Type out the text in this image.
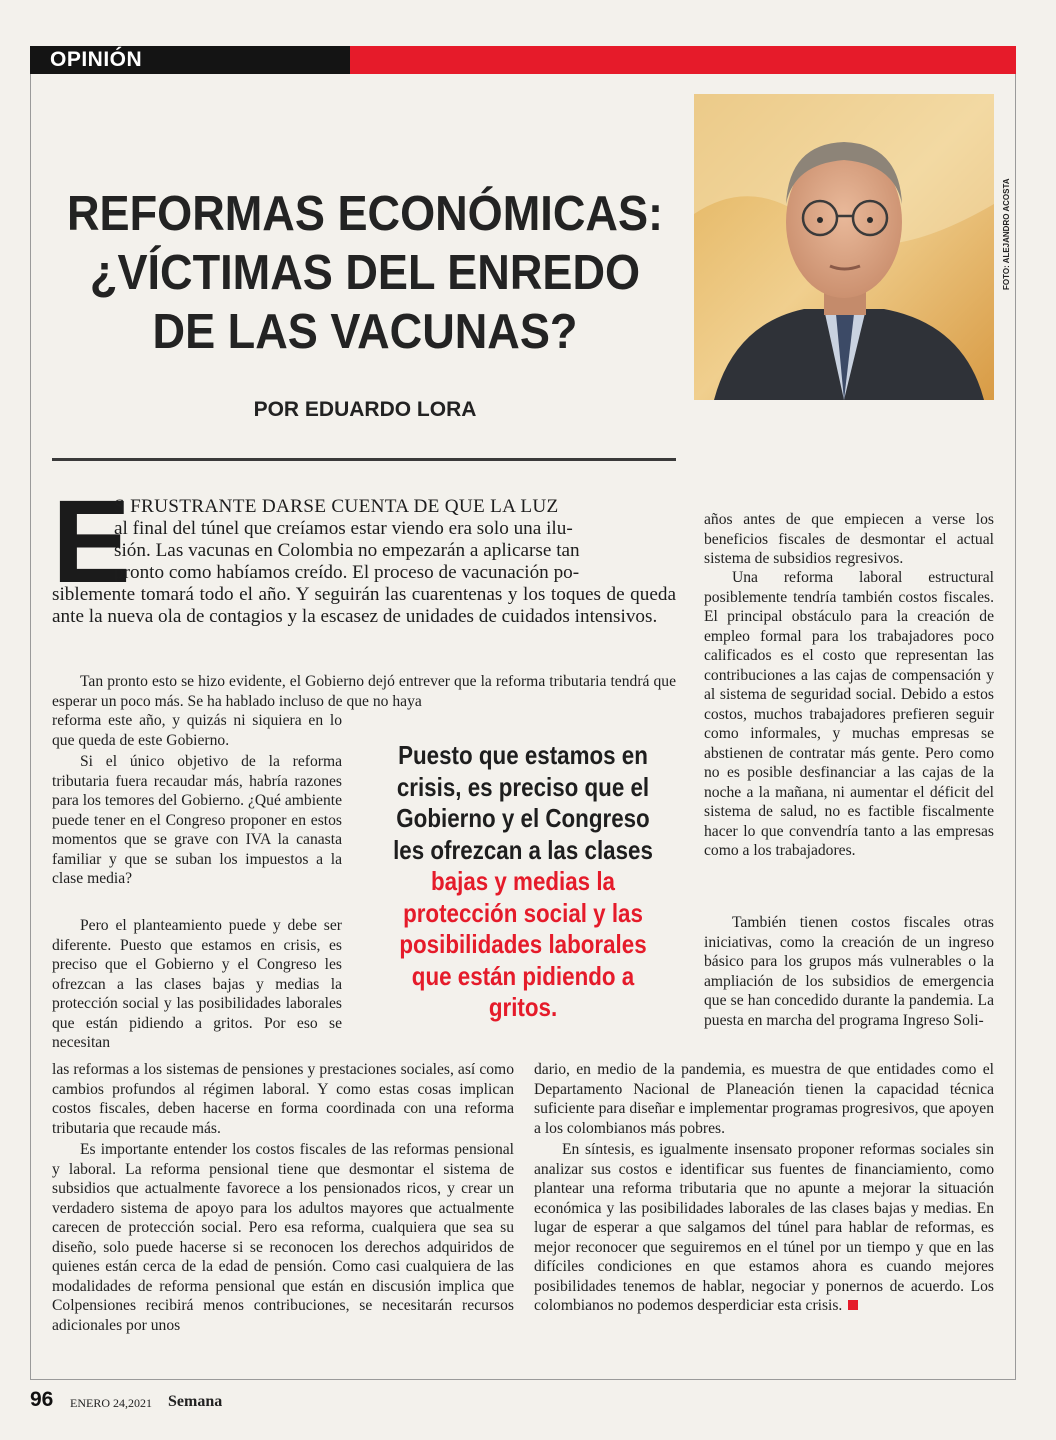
OPINIÓN
REFORMAS ECONÓMICAS:
¿VÍCTIMAS DEL ENREDO
DE LAS VACUNAS?
POR EDUARDO LORA
FOTO: ALEJANDRO ACOSTA
E
S FRUSTRANTE DARSE CUENTA DE QUE LA LUZ
al final del túnel que creíamos estar viendo era solo una ilu-
sión. Las vacunas en Colombia no empezarán a aplicarse tan
pronto como habíamos creído. El proceso de vacunación po-
siblemente tomará todo el año. Y seguirán las cuarentenas y los toques de queda ante la nueva ola de contagios y la escasez de unidades de cuidados intensivos.
Tan pronto esto se hizo evidente, el Gobierno dejó entrever que la reforma tributaria tendrá que esperar un poco más. Se ha hablado incluso de que no haya
reforma este año, y quizás ni siquiera en lo que queda de este Gobierno.
Si el único objetivo de la reforma tributaria fuera recaudar más, habría razones para los temores del Gobierno. ¿Qué ambiente puede tener en el Congreso proponer en estos momentos que se grave con IVA la canasta familiar y que se suban los impuestos a la clase media?
Pero el planteamiento puede y debe ser diferente. Puesto que estamos en crisis, es preciso que el Gobierno y el Congreso les ofrezcan a las clases bajas y medias la protección social y las posibilidades laborales que están pidiendo a gritos. Por eso se necesitan
las reformas a los sistemas de pensiones y prestaciones sociales, así como cambios profundos al régimen laboral. Y como estas cosas implican costos fiscales, deben hacerse en forma coordinada con una reforma tributaria que recaude más.
Es importante entender los costos fiscales de las reformas pensional y laboral. La reforma pensional tiene que desmontar el sistema de subsidios que actualmente favorece a los pensionados ricos, y crear un verdadero sistema de apoyo para los adultos mayores que actualmente carecen de protección social. Pero esa reforma, cualquiera que sea su diseño, solo puede hacerse si se reconocen los derechos adquiridos de quienes están cerca de la edad de pensión. Como casi cualquiera de las modalidades de reforma pensional que están en discusión implica que Colpensiones recibirá menos contribuciones, se necesitarán recursos adicionales por unos
Puesto que estamos en crisis, es preciso que el Gobierno y el Congreso les ofrezcan a las clases bajas y medias la protección social y las posibilidades laborales que están pidiendo a gritos.
años antes de que empiecen a verse los beneficios fiscales de desmontar el actual sistema de subsidios regresivos.
Una reforma laboral estructural posiblemente tendría también costos fiscales. El principal obstáculo para la creación de empleo formal para los trabajadores poco calificados es el costo que representan las contribuciones a las cajas de compensación y al sistema de seguridad social. Debido a estos costos, muchos trabajadores prefieren seguir como informales, y muchas empresas se abstienen de contratar más gente. Pero como no es posible desfinanciar a las cajas de la noche a la mañana, ni aumentar el déficit del sistema de salud, no es factible fiscalmente hacer lo que convendría tanto a las empresas como a los trabajadores.
También tienen costos fiscales otras iniciativas, como la creación de un ingreso básico para los grupos más vulnerables o la ampliación de los subsidios de emergencia que se han concedido durante la pandemia. La puesta en marcha del programa Ingreso Soli-
dario, en medio de la pandemia, es muestra de que entidades como el Departamento Nacional de Planeación tienen la capacidad técnica suficiente para diseñar e implementar programas progresivos, que apoyen a los colombianos más pobres.
En síntesis, es igualmente insensato proponer reformas sociales sin analizar sus costos e identificar sus fuentes de financiamiento, como plantear una reforma tributaria que no apunte a mejorar la situación económica y las posibilidades laborales de las clases bajas y medias. En lugar de esperar a que salgamos del túnel para hablar de reformas, es mejor reconocer que seguiremos en el túnel por un tiempo y que en las difíciles condiciones en que estamos ahora es cuando mejores posibilidades tenemos de hablar, negociar y ponernos de acuerdo. Los colombianos no podemos desperdiciar esta crisis.
96 ENERO 24,2021 Semana
